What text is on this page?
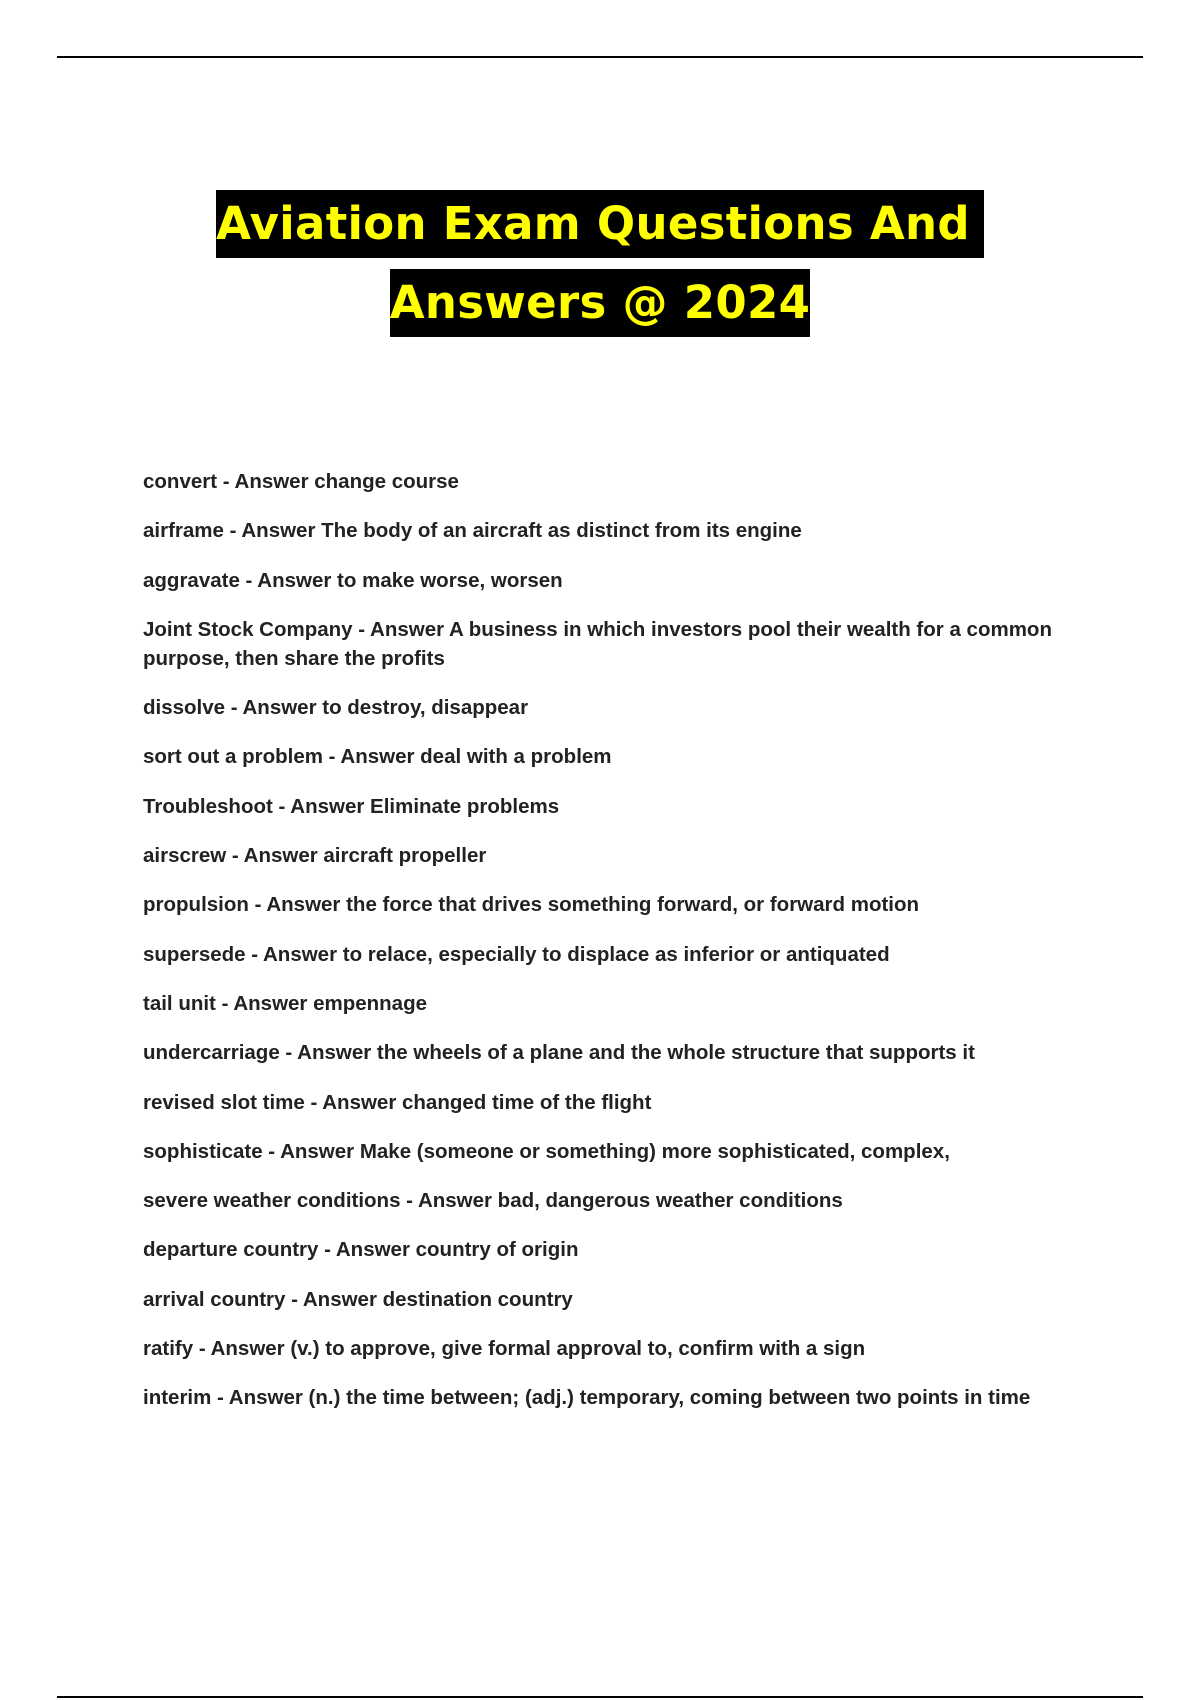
Aviation Exam Questions And
Answers @ 2024
convert - Answer change course
airframe - Answer The body of an aircraft as distinct from its engine
aggravate - Answer to make worse, worsen
Joint Stock Company - Answer A business in which investors pool their wealth for a common purpose, then share the profits
dissolve - Answer to destroy, disappear
sort out a problem - Answer deal with a problem
Troubleshoot - Answer Eliminate problems
airscrew - Answer aircraft propeller
propulsion - Answer the force that drives something forward, or forward motion
supersede - Answer to relace, especially to displace as inferior or antiquated
tail unit - Answer empennage
undercarriage - Answer the wheels of a plane and the whole structure that supports it
revised slot time - Answer changed time of the flight
sophisticate - Answer Make (someone or something) more sophisticated, complex,
severe weather conditions - Answer bad, dangerous weather conditions
departure country - Answer country of origin
arrival country - Answer destination country
ratify - Answer (v.) to approve, give formal approval to, confirm with a sign
interim - Answer (n.) the time between; (adj.) temporary, coming between two points in time
